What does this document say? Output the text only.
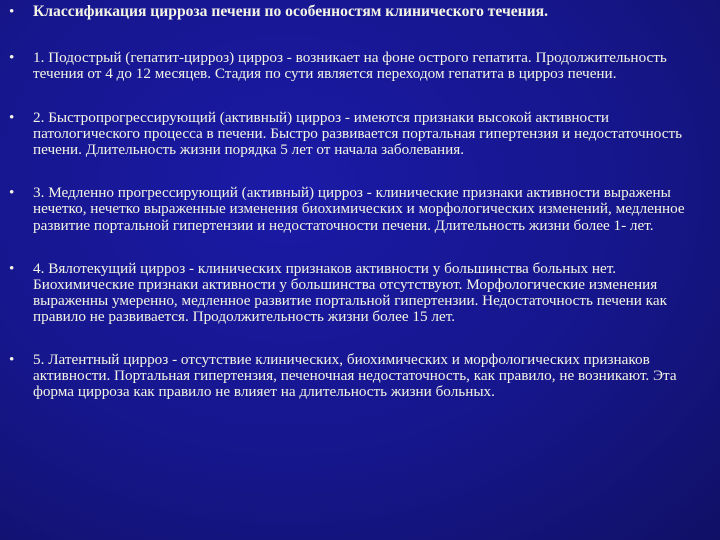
•	Классификация цирроза печени по особенностям клинического течения.
•	1. Подострый (гепатит-цирроз) цирроз - возникает на фоне острого гепатита. Продолжительность течения от 4 до 12 месяцев. Стадия по сути является переходом гепатита в цирроз печени.
•	2. Быстропрогрессирующий (активный) цирроз - имеются признаки высокой активности патологического процесса в печени. Быстро развивается портальная гипертензия и недостаточность печени. Длительность жизни порядка 5 лет от начала заболевания.
•	3. Медленно прогрессирующий (активный) цирроз - клинические признаки активности выражены нечетко, нечетко выраженные изменения биохимических и морфологических изменений, медленное развитие портальной гипертензии и недостаточности печени. Длительность жизни более 1- лет.
•	4. Вялотекущий цирроз - клинических признаков активности у большинства больных нет. Биохимические признаки активности у большинства отсутствуют. Морфологические изменения выраженны умеренно, медленное развитие портальной гипертензии. Недостаточность печени как правило не развивается. Продолжительность жизни более 15 лет.
•	5. Латентный цирроз - отсутствие клинических, биохимических и морфологических признаков активности. Портальная гипертензия, печеночная недостаточность, как правило, не возникают. Эта форма цирроза как правило не влияет на длительность жизни больных.
